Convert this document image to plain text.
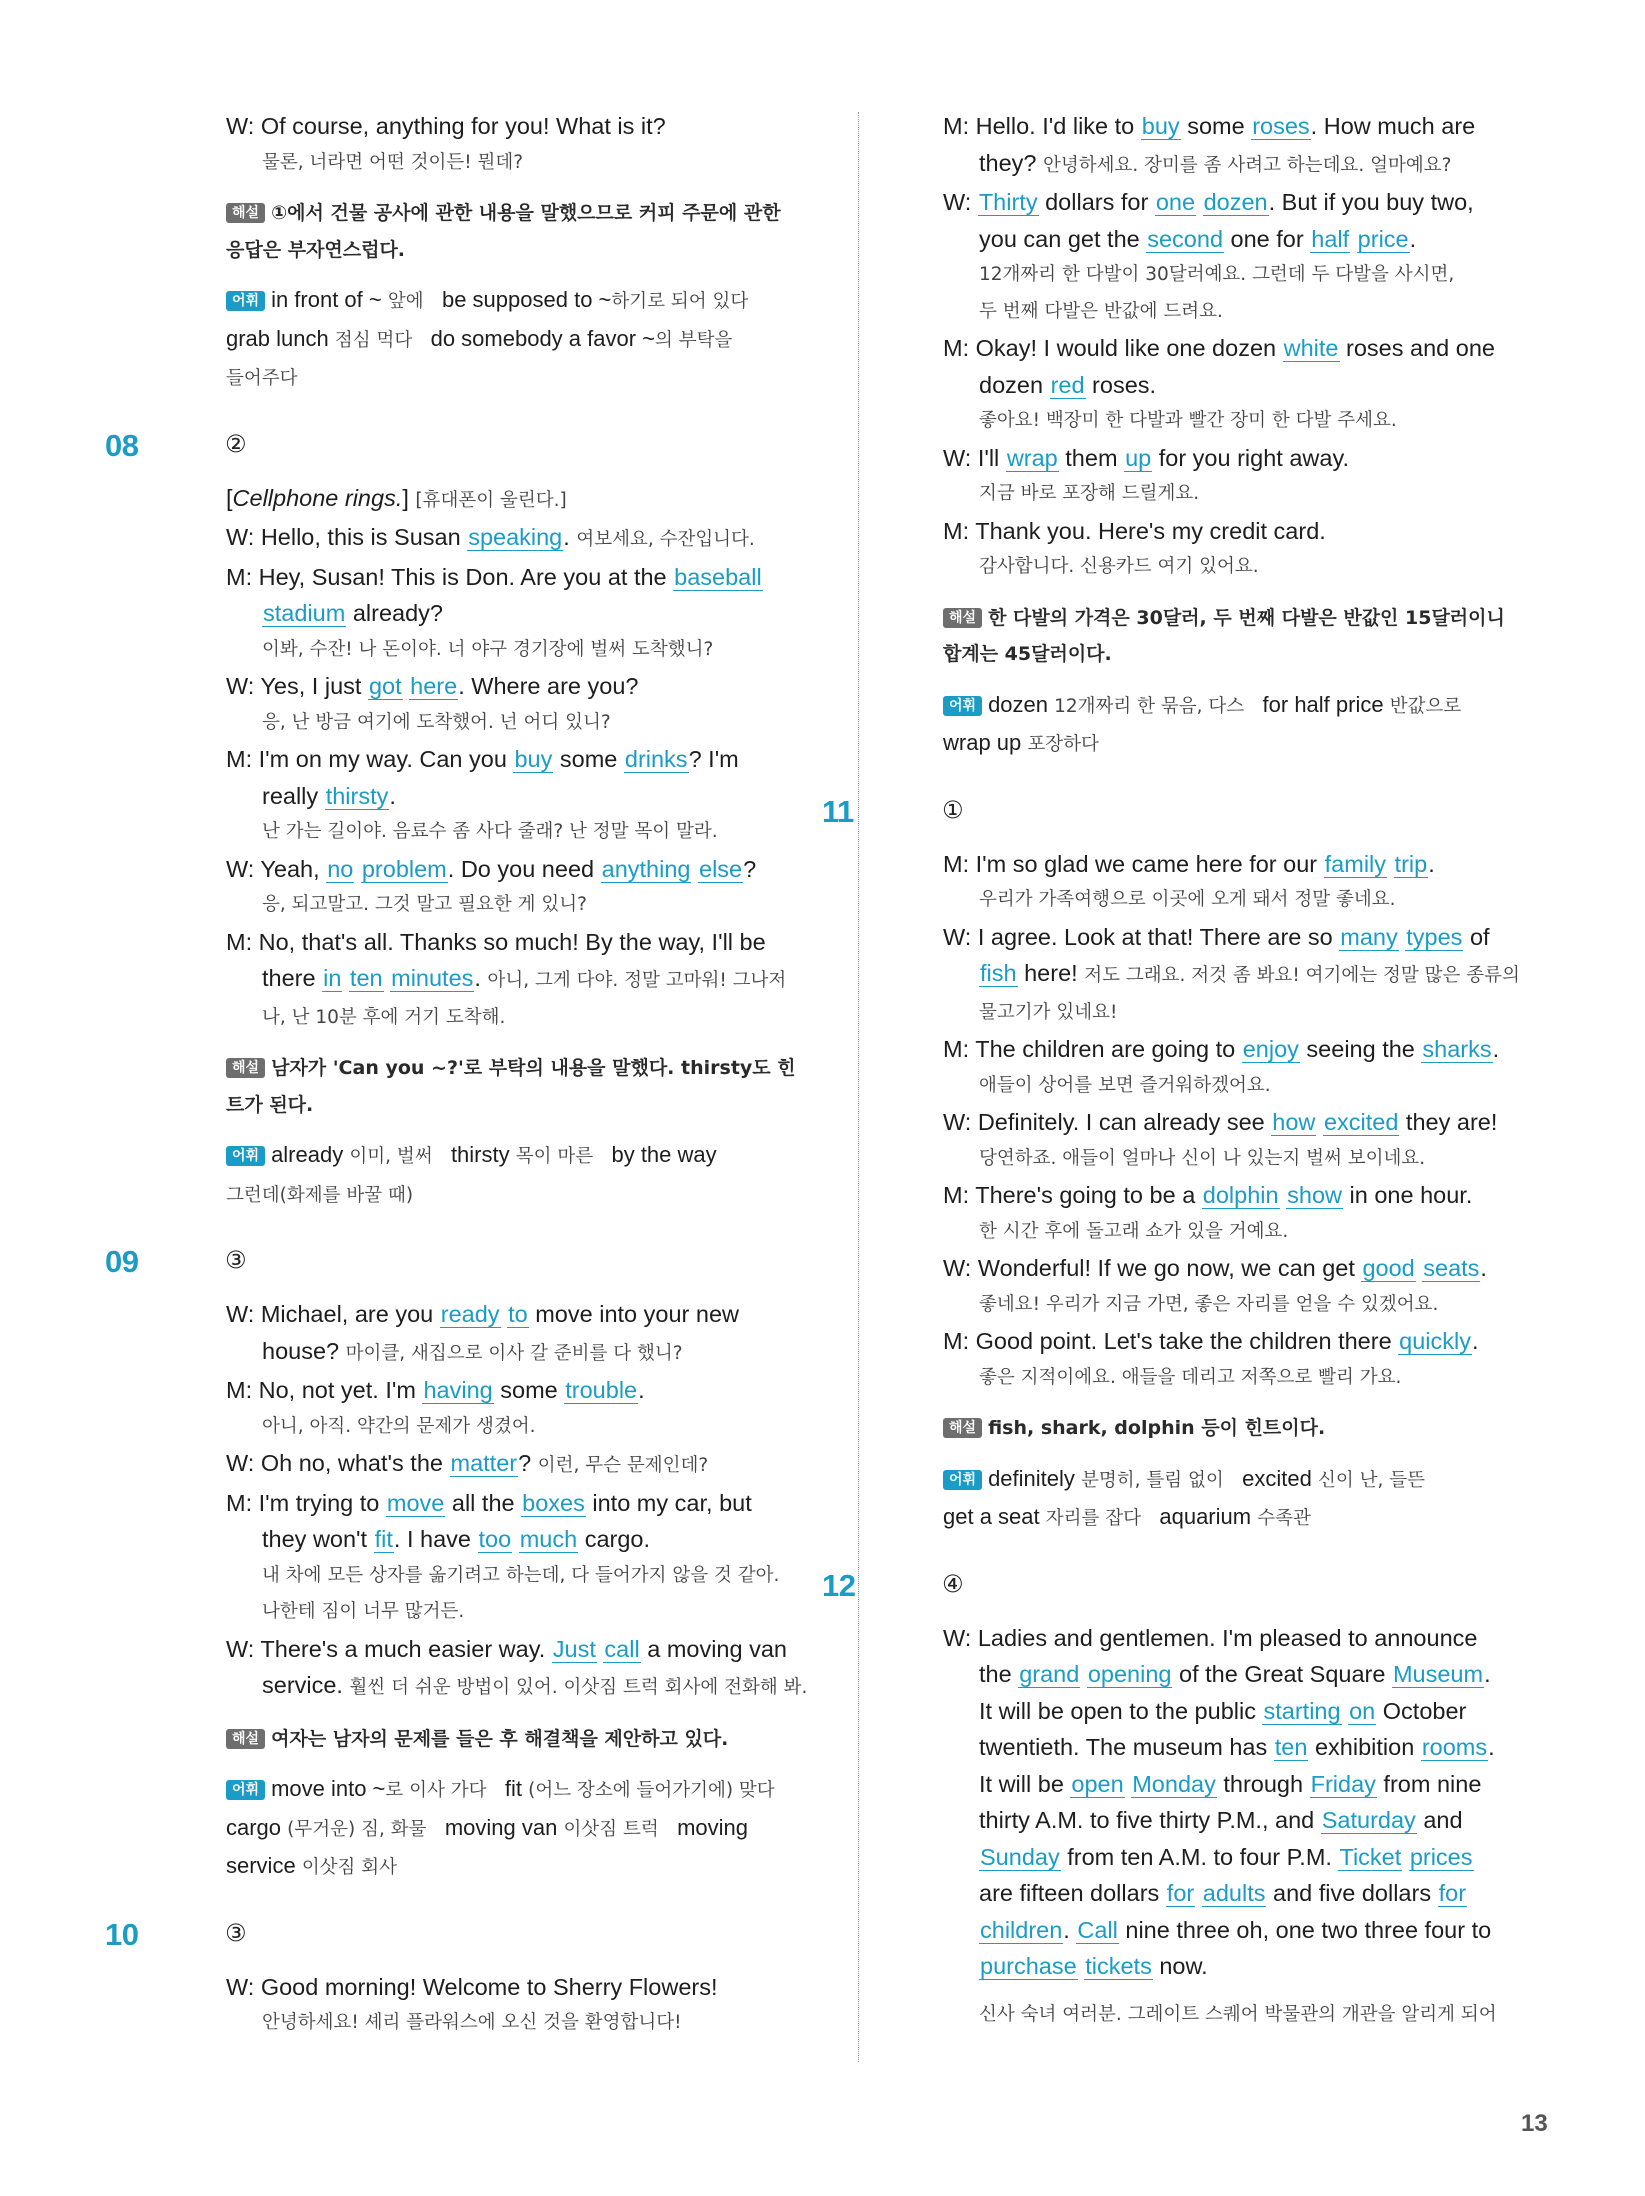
W: Of course, anything for you! What is it?
물론, 너라면 어떤 것이든! 뭔데?
해설 ①에서 건물 공사에 관한 내용을 말했으므로 커피 주문에 관한
응답은 부자연스럽다.
어휘 in front of ~ 앞에 be supposed to ~하기로 되어 있다
grab lunch 점심 먹다 do somebody a favor ~의 부탁을
들어주다
08	②
[Cellphone rings.] [휴대폰이 울린다.]
W: Hello, this is Susan speaking. 여보세요, 수잔입니다.
M: Hey, Susan! This is Don. Are you at the baseball
stadium already?
이봐, 수잔! 나 돈이야. 너 야구 경기장에 벌써 도착했니?
W: Yes, I just got here. Where are you?
응, 난 방금 여기에 도착했어. 넌 어디 있니?
M: I'm on my way. Can you buy some drinks? I'm
really thirsty.
난 가는 길이야. 음료수 좀 사다 줄래? 난 정말 목이 말라.
W: Yeah, no problem. Do you need anything else?
응, 되고말고. 그것 말고 필요한 게 있니?
M: No, that's all. Thanks so much! By the way, I'll be
there in ten minutes. 아니, 그게 다야. 정말 고마워! 그나저
나, 난 10분 후에 거기 도착해.
해설 남자가 'Can you ~?'로 부탁의 내용을 말했다. thirsty도 힌
트가 된다.
어휘 already 이미, 벌써 thirsty 목이 마른 by the way
그런데(화제를 바꿀 때)
09	③
W: Michael, are you ready to move into your new
house? 마이클, 새집으로 이사 갈 준비를 다 했니?
M: No, not yet. I'm having some trouble.
아니, 아직. 약간의 문제가 생겼어.
W: Oh no, what's the matter? 이런, 무슨 문제인데?
M: I'm trying to move all the boxes into my car, but
they won't fit. I have too much cargo.
내 차에 모든 상자를 옮기려고 하는데, 다 들어가지 않을 것 같아.
나한테 짐이 너무 많거든.
W: There's a much easier way. Just call a moving van
service. 훨씬 더 쉬운 방법이 있어. 이삿짐 트럭 회사에 전화해 봐.
해설 여자는 남자의 문제를 들은 후 해결책을 제안하고 있다.
어휘 move into ~로 이사 가다 fit (어느 장소에 들어가기에) 맞다
cargo (무거운) 짐, 화물 moving van 이삿짐 트럭 moving
service 이삿짐 회사
10	③
W: Good morning! Welcome to Sherry Flowers!
안녕하세요! 셰리 플라워스에 오신 것을 환영합니다!
M: Hello. I'd like to buy some roses. How much are
they? 안녕하세요. 장미를 좀 사려고 하는데요. 얼마예요?
W: Thirty dollars for one dozen. But if you buy two,
you can get the second one for half price.
12개짜리 한 다발이 30달러예요. 그런데 두 다발을 사시면,
두 번째 다발은 반값에 드려요.
M: Okay! I would like one dozen white roses and one
dozen red roses.
좋아요! 백장미 한 다발과 빨간 장미 한 다발 주세요.
W: I'll wrap them up for you right away.
지금 바로 포장해 드릴게요.
M: Thank you. Here's my credit card.
감사합니다. 신용카드 여기 있어요.
해설 한 다발의 가격은 30달러, 두 번째 다발은 반값인 15달러이니
합계는 45달러이다.
어휘 dozen 12개짜리 한 묶음, 다스 for half price 반값으로
wrap up 포장하다
11	①
M: I'm so glad we came here for our family trip.
우리가 가족여행으로 이곳에 오게 돼서 정말 좋네요.
W: I agree. Look at that! There are so many types of
fish here! 저도 그래요. 저것 좀 봐요! 여기에는 정말 많은 종류의
물고기가 있네요!
M: The children are going to enjoy seeing the sharks.
애들이 상어를 보면 즐거워하겠어요.
W: Definitely. I can already see how excited they are!
당연하죠. 애들이 얼마나 신이 나 있는지 벌써 보이네요.
M: There's going to be a dolphin show in one hour.
한 시간 후에 돌고래 쇼가 있을 거예요.
W: Wonderful! If we go now, we can get good seats.
좋네요! 우리가 지금 가면, 좋은 자리를 얻을 수 있겠어요.
M: Good point. Let's take the children there quickly.
좋은 지적이에요. 애들을 데리고 저쪽으로 빨리 가요.
해설 fish, shark, dolphin 등이 힌트이다.
어휘 definitely 분명히, 틀림 없이 excited 신이 난, 들뜬
get a seat 자리를 잡다 aquarium 수족관
12	④
W: Ladies and gentlemen. I'm pleased to announce
the grand opening of the Great Square Museum.
It will be open to the public starting on October
twentieth. The museum has ten exhibition rooms.
It will be open Monday through Friday from nine
thirty A.M. to five thirty P.M., and Saturday and
Sunday from ten A.M. to four P.M. Ticket prices
are fifteen dollars for adults and five dollars for
children. Call nine three oh, one two three four to
purchase tickets now.
신사 숙녀 여러분. 그레이트 스퀘어 박물관의 개관을 알리게 되어
13
